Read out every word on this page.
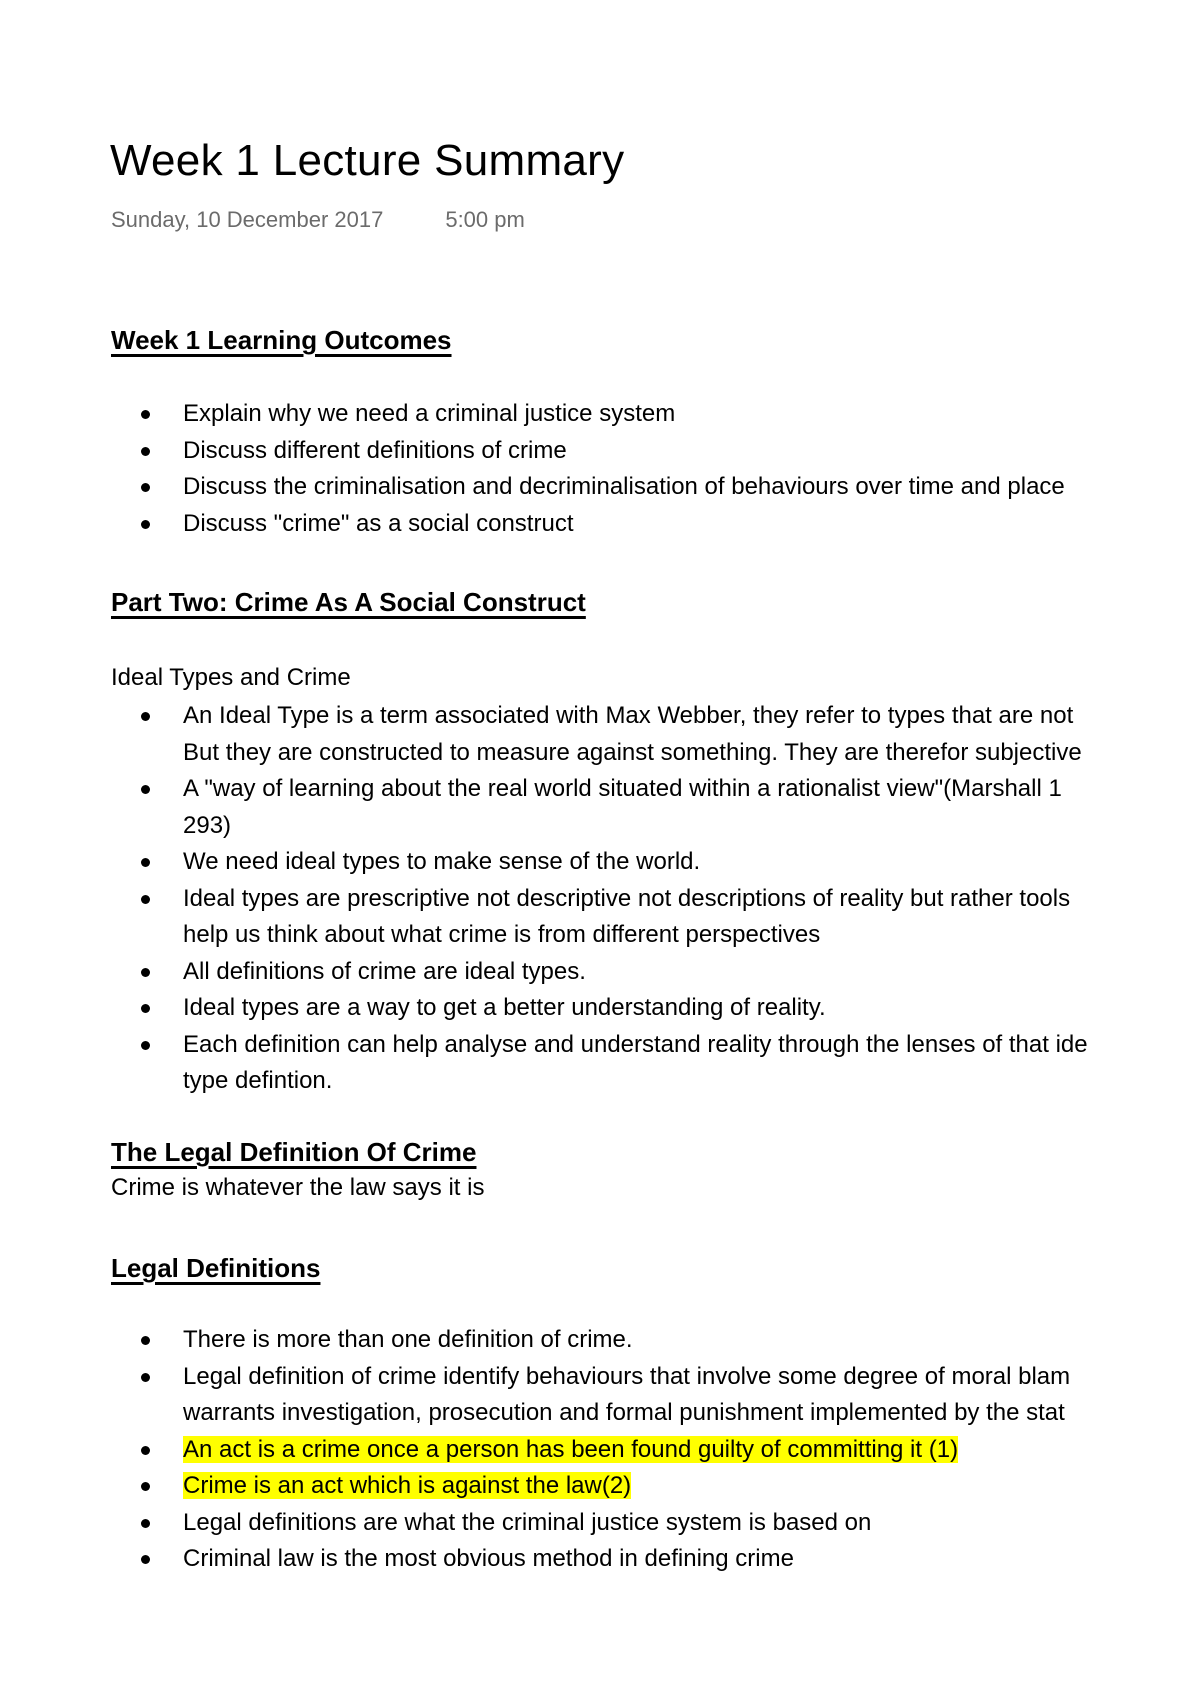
Week 1 Lecture Summary
Sunday, 10 December 2017	5:00 pm
Week 1 Learning Outcomes
Explain why we need a criminal justice system
Discuss different definitions of crime
Discuss the criminalisation and decriminalisation of behaviours over time and place
Discuss "crime" as a social construct
Part Two: Crime As A Social Construct
Ideal Types and Crime
An Ideal Type is a term associated with Max Webber, they refer to types that are not
But they are constructed to measure against something. They are therefor subjective
A "way of learning about the real world situated within a rationalist view"(Marshall 1
293)
We need ideal types to make sense of the world.
Ideal types are prescriptive not descriptive not descriptions of reality but rather tools
help us think about what crime is from different perspectives
All definitions of crime are ideal types.
Ideal types are a way to get a better understanding of reality.
Each definition can help analyse and understand reality through the lenses of that ide
type defintion.
The Legal Definition Of Crime
Crime is whatever the law says it is
Legal Definitions
There is more than one definition of crime.
Legal definition of crime identify behaviours that involve some degree of moral blam
warrants investigation, prosecution and formal punishment implemented by the stat
An act is a crime once a person has been found guilty of committing it (1)
Crime is an act which is against the law(2)
Legal definitions are what the criminal justice system is based on
Criminal law is the most obvious method in defining crime
